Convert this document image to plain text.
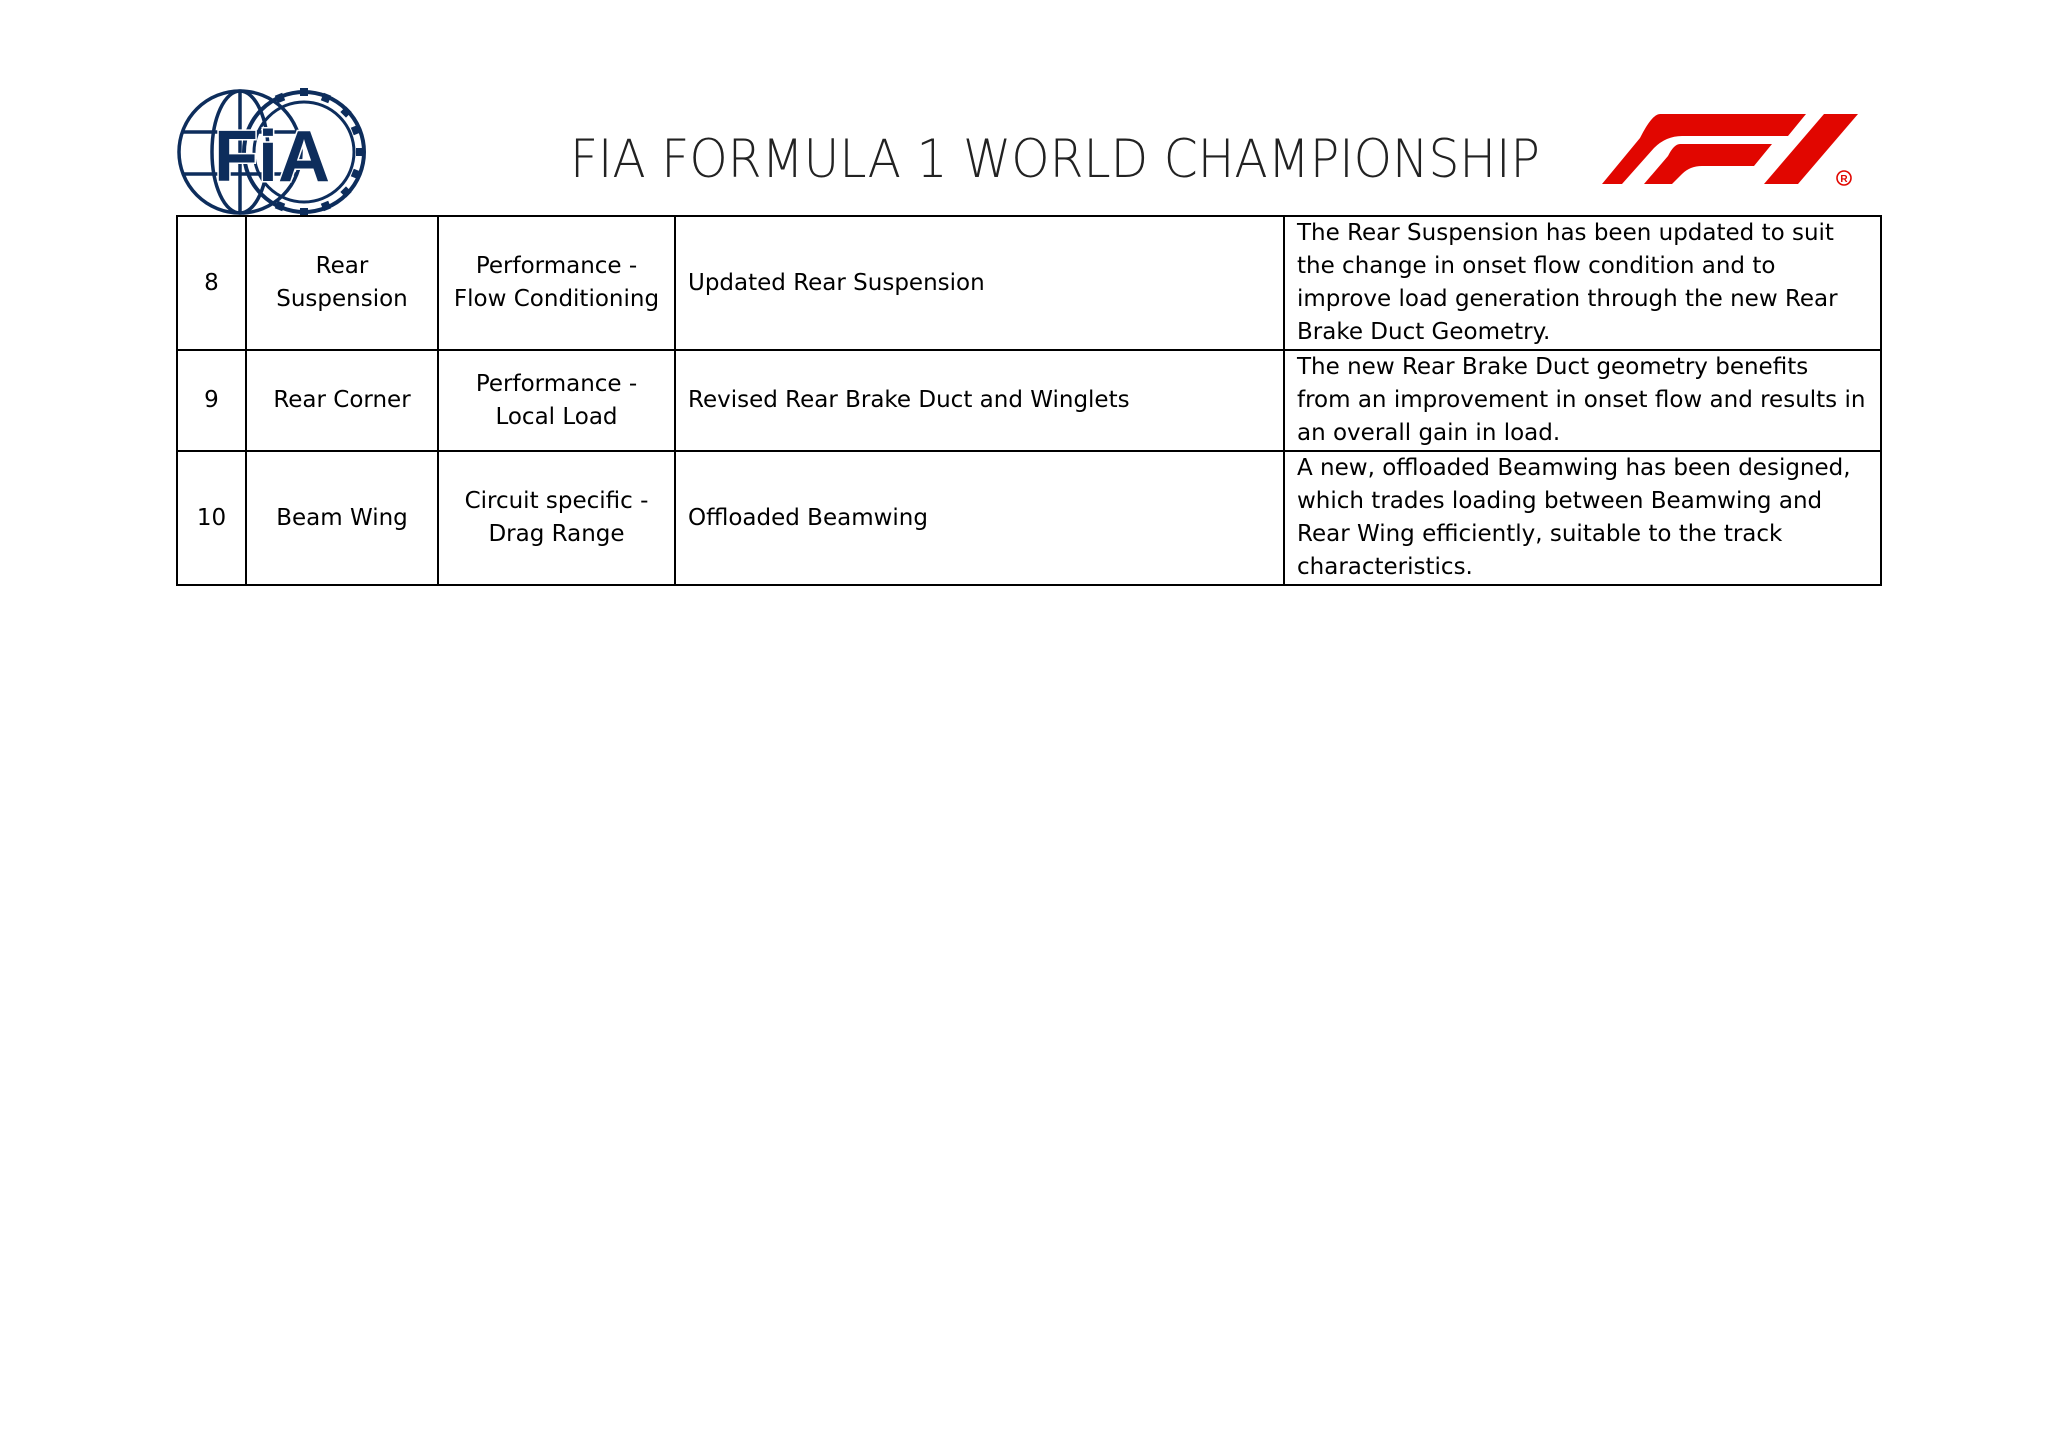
FiA	FIA FORMULA 1 WORLD CHAMPIONSHIP	R
8	Rear Suspension	Performance - Flow Conditioning	Updated Rear Suspension	The Rear Suspension has been updated to suit the change in onset flow condition and to improve load generation through the new Rear Brake Duct Geometry.
9	Rear Corner	Performance - Local Load	Revised Rear Brake Duct and Winglets	The new Rear Brake Duct geometry benefits from an improvement in onset flow and results in an overall gain in load.
10	Beam Wing	Circuit specific - Drag Range	Offloaded Beamwing	A new, offloaded Beamwing has been designed, which trades loading between Beamwing and Rear Wing efficiently, suitable to the track characteristics.
